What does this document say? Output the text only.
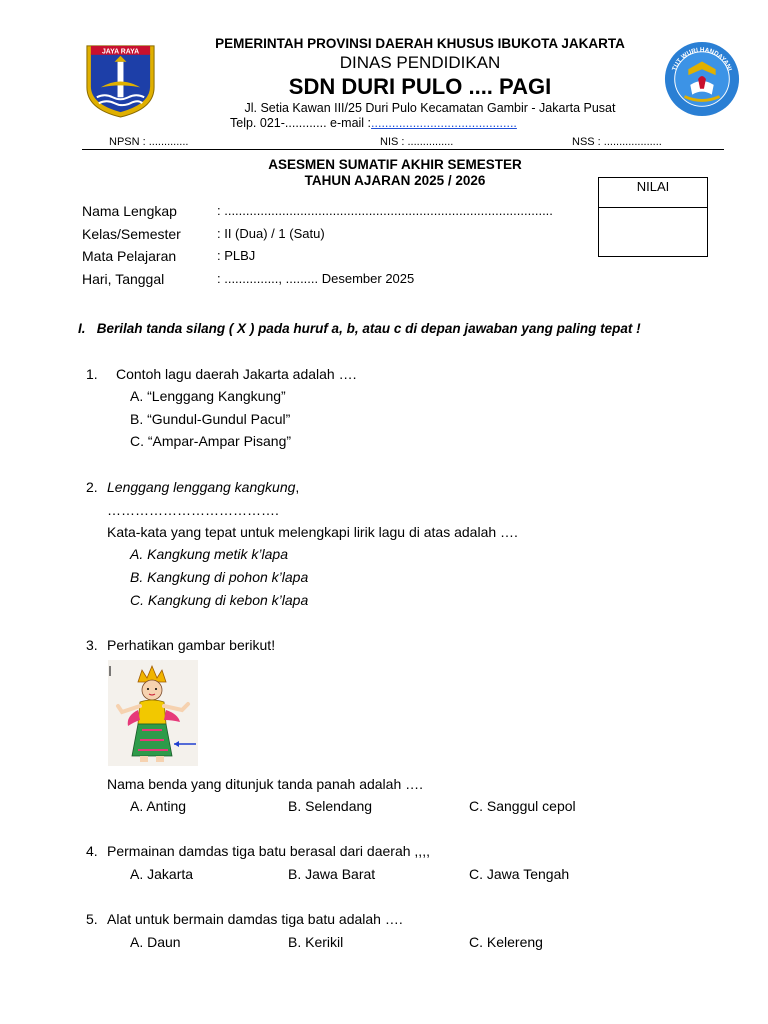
JAYA RAYA
TUT WURI HANDAYANI
PEMERINTAH PROVINSI DAERAH KHUSUS IBUKOTA JAKARTA
DINAS PENDIDIKAN
SDN DURI PULO .... PAGI
Jl. Setia Kawan III/25 Duri Pulo Kecamatan Gambir - Jakarta Pusat
Telp. 021-............ e-mail :..........................................
NPSN : .............	NIS : ...............	NSS : ...................
ASESMEN SUMATIF AKHIR SEMESTER
TAHUN AJARAN 2025 / 2026	NILAI
Nama Lengkap	: ...........................................................................................
Kelas/Semester	: II (Dua) / 1 (Satu)
Mata Pelajaran	: PLBJ
Hari, Tanggal	: ..............., ......... Desember 2025
I. Berilah tanda silang ( X ) pada huruf a, b, atau c di depan jawaban yang paling tepat !
1. Contoh lagu daerah Jakarta adalah ….
A. “Lenggang Kangkung”
B. “Gundul-Gundul Pacul”
C. “Ampar-Ampar Pisang”
2. Lenggang lenggang kangkung,
……………………………….
Kata-kata yang tepat untuk melengkapi lirik lagu di atas adalah ….
A. Kangkung metik k’lapa
B. Kangkung di pohon k’lapa
C. Kangkung di kebon k’lapa
3. Perhatikan gambar berikut!
Nama benda yang ditunjuk tanda panah adalah ….
A. Anting	B. Selendang	C. Sanggul cepol
4. Permainan damdas tiga batu berasal dari daerah ,,,,
A. Jakarta	B. Jawa Barat	C. Jawa Tengah
5. Alat untuk bermain damdas tiga batu adalah ….
A. Daun	B. Kerikil	C. Kelereng
